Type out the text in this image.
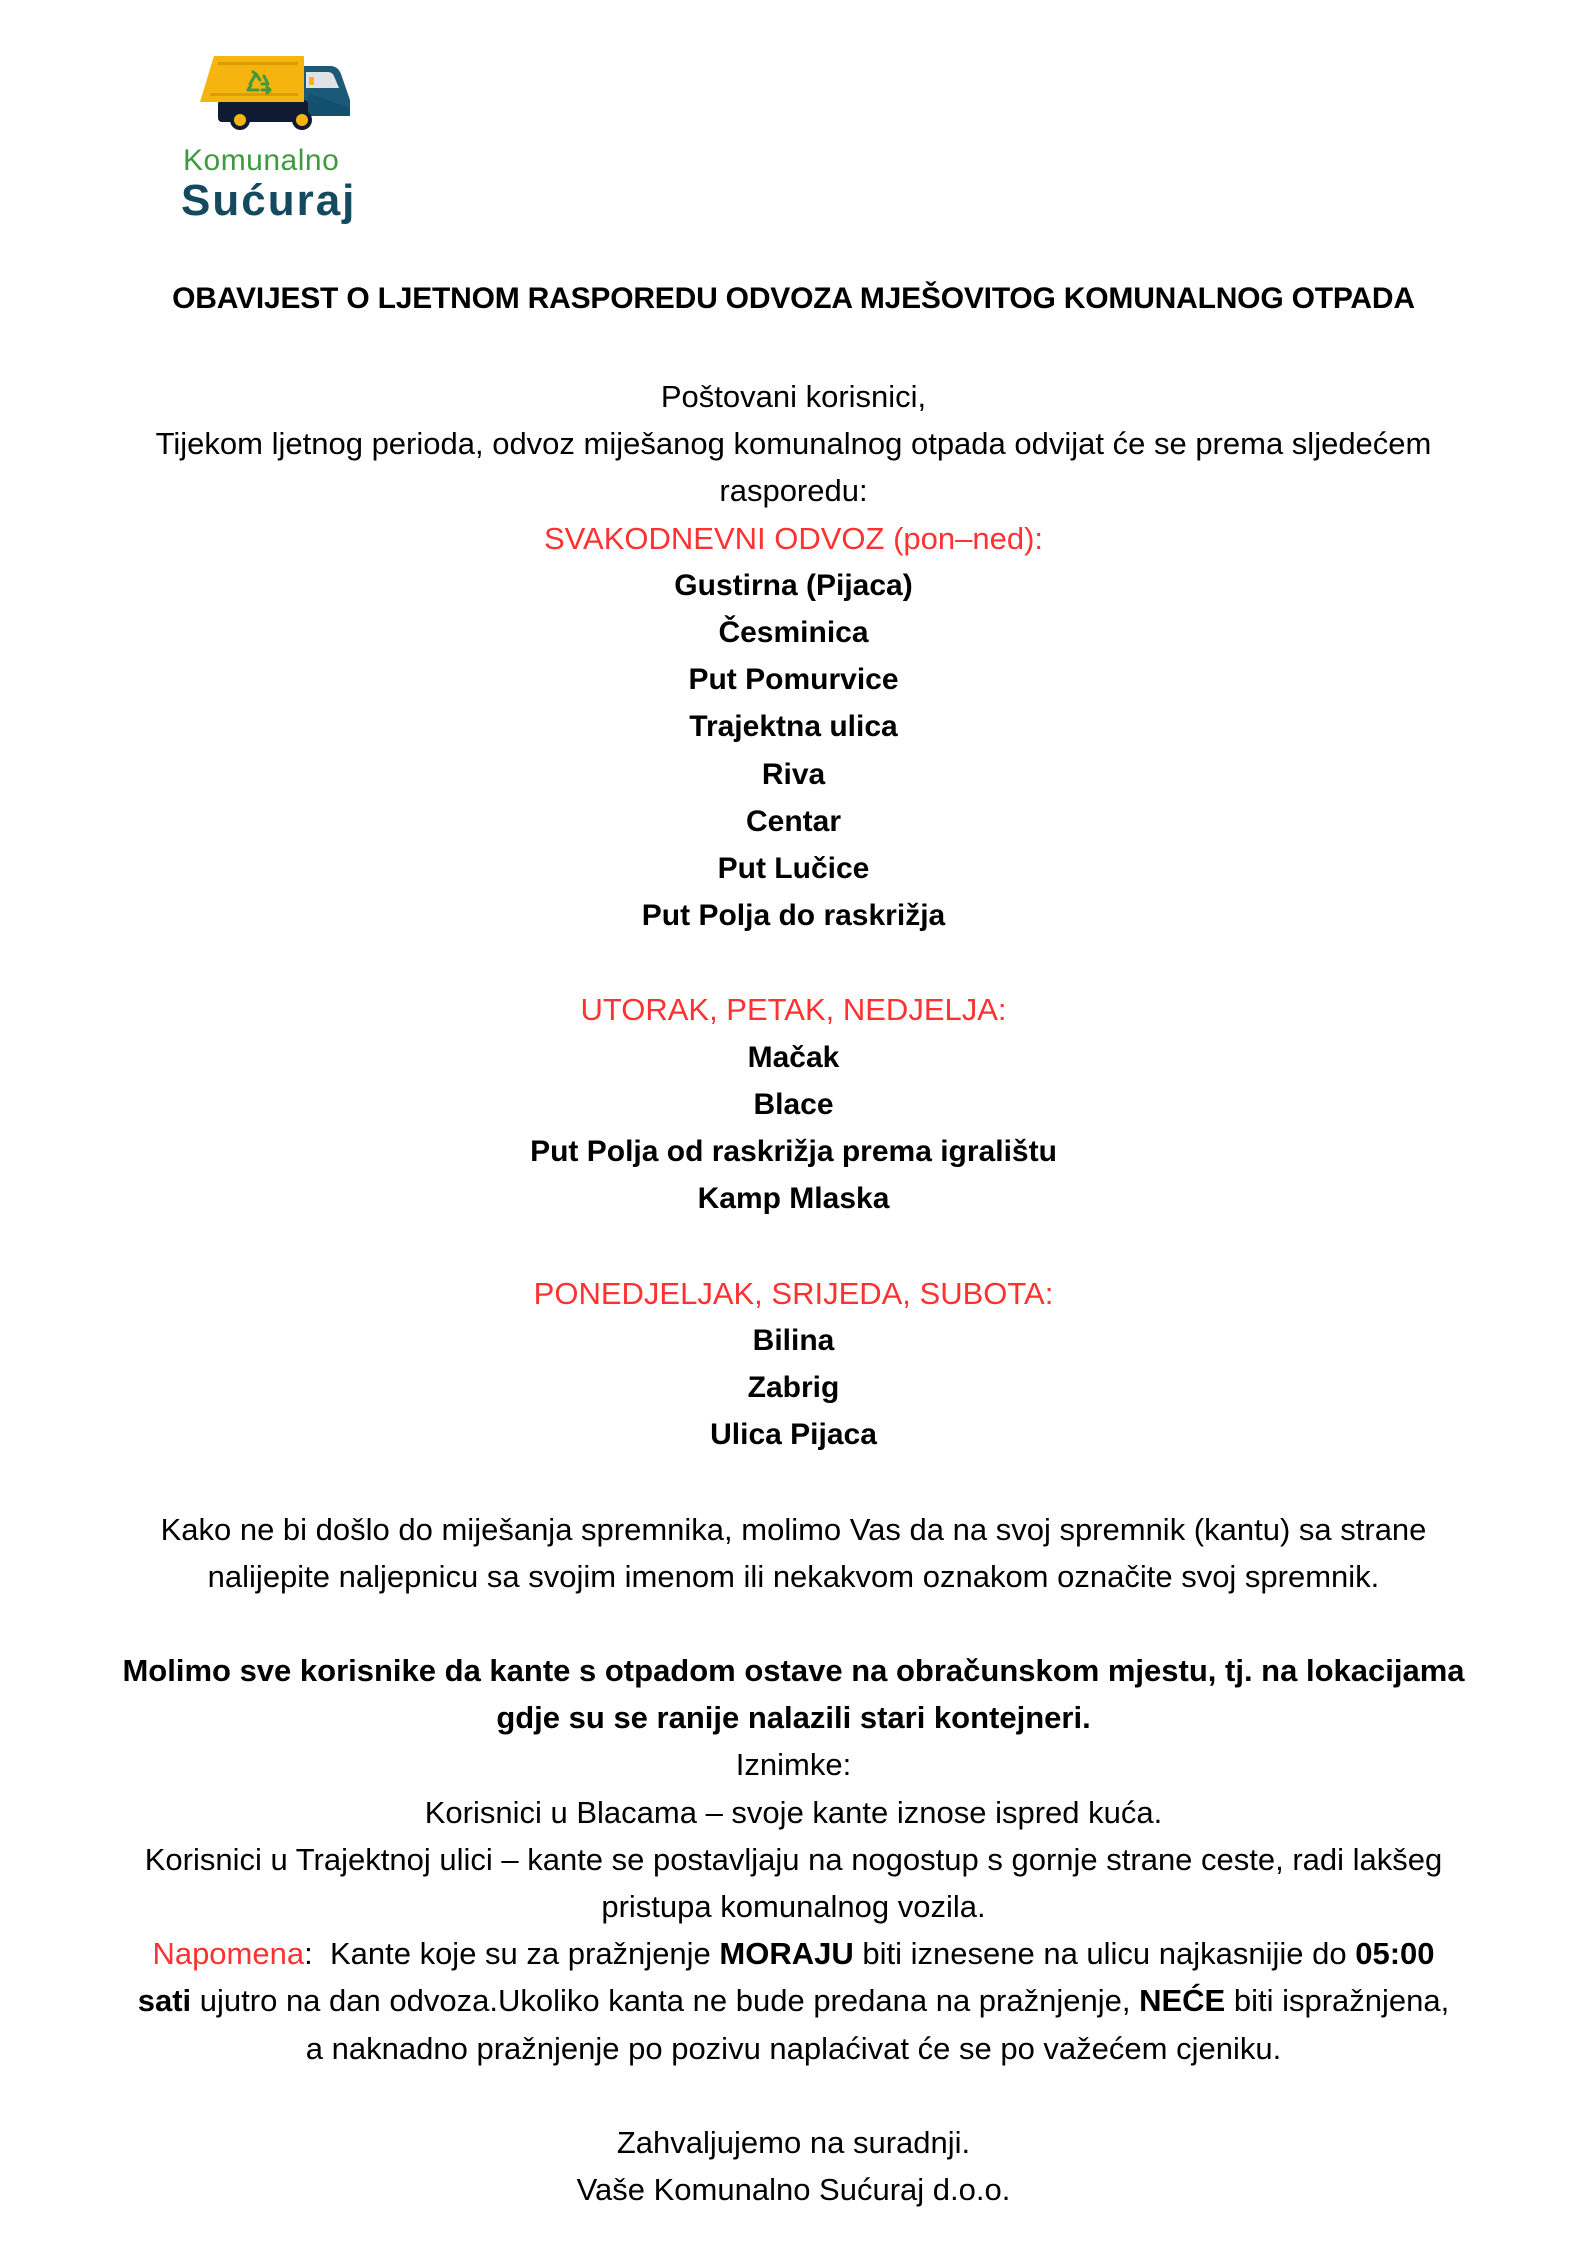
Komunalno
Sućuraj
OBAVIJEST O LJETNOM RASPOREDU ODVOZA MJEŠOVITOG KOMUNALNOG OTPADA
Poštovani korisnici,
Tijekom ljetnog perioda, odvoz miješanog komunalnog otpada odvijat će se prema sljedećem
rasporedu:
SVAKODNEVNI ODVOZ (pon–ned):
Gustirna (Pijaca)
Česminica
Put Pomurvice
Trajektna ulica
Riva
Centar
Put Lučice
Put Polja do raskrižja
UTORAK, PETAK, NEDJELJA:
Mačak
Blace
Put Polja od raskrižja prema igralištu
Kamp Mlaska
PONEDJELJAK, SRIJEDA, SUBOTA:
Bilina
Zabrig
Ulica Pijaca
Kako ne bi došlo do miješanja spremnika, molimo Vas da na svoj spremnik (kantu) sa strane
nalijepite naljepnicu sa svojim imenom ili nekakvom oznakom označite svoj spremnik.
Molimo sve korisnike da kante s otpadom ostave na obračunskom mjestu, tj. na lokacijama
gdje su se ranije nalazili stari kontejneri.
Iznimke:
Korisnici u Blacama – svoje kante iznose ispred kuća.
Korisnici u Trajektnoj ulici – kante se postavljaju na nogostup s gornje strane ceste, radi lakšeg
pristupa komunalnog vozila.
Napomena:  Kante koje su za pražnjenje MORAJU biti iznesene na ulicu najkasnijie do 05:00
sati ujutro na dan odvoza.Ukoliko kanta ne bude predana na pražnjenje, NEĆE biti ispražnjena,
a naknadno pražnjenje po pozivu naplaćivat će se po važećem cjeniku.
Zahvaljujemo na suradnji.
Vaše Komunalno Sućuraj d.o.o.
